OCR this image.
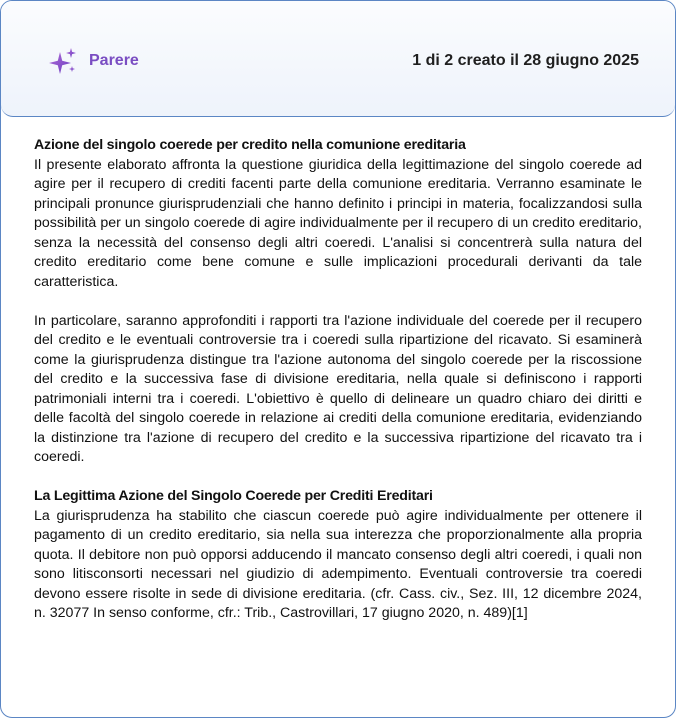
Parere	1 di 2 creato il 28 giugno 2025
Azione del singolo coerede per credito nella comunione ereditaria

Il presente elaborato affronta la questione giuridica della legittimazione del singolo coerede ad agire per il recupero di crediti facenti parte della comunione ereditaria. Verranno esaminate le principali pronunce giurisprudenziali che hanno definito i principi in materia, focalizzandosi sulla possibilità per un singolo coerede di agire individualmente per il recupero di un credito ereditario, senza la necessità del consenso degli altri coeredi. L'analisi si concentrerà sulla natura del credito ereditario come bene comune e sulle implicazioni procedurali derivanti da tale caratteristica.

In particolare, saranno approfonditi i rapporti tra l'azione individuale del coerede per il recupero del credito e le eventuali controversie tra i coeredi sulla ripartizione del ricavato. Si esaminerà come la giurisprudenza distingue tra l'azione autonoma del singolo coerede per la riscossione del credito e la successiva fase di divisione ereditaria, nella quale si definiscono i rapporti patrimoniali interni tra i coeredi. L'obiettivo è quello di delineare un quadro chiaro dei diritti e delle facoltà del singolo coerede in relazione ai crediti della comunione ereditaria, evidenziando la distinzione tra l'azione di recupero del credito e la successiva ripartizione del ricavato tra i coeredi.

La Legittima Azione del Singolo Coerede per Crediti Ereditari

La giurisprudenza ha stabilito che ciascun coerede può agire individualmente per ottenere il pagamento di un credito ereditario, sia nella sua interezza che proporzionalmente alla propria quota. Il debitore non può opporsi adducendo il mancato consenso degli altri coeredi, i quali non sono litisconsorti necessari nel giudizio di adempimento. Eventuali controversie tra coeredi devono essere risolte in sede di divisione ereditaria. (cfr. Cass. civ., Sez. III, 12 dicembre 2024, n. 32077 In senso conforme, cfr.: Trib., Castrovillari, 17 giugno 2020, n. 489)[1]
